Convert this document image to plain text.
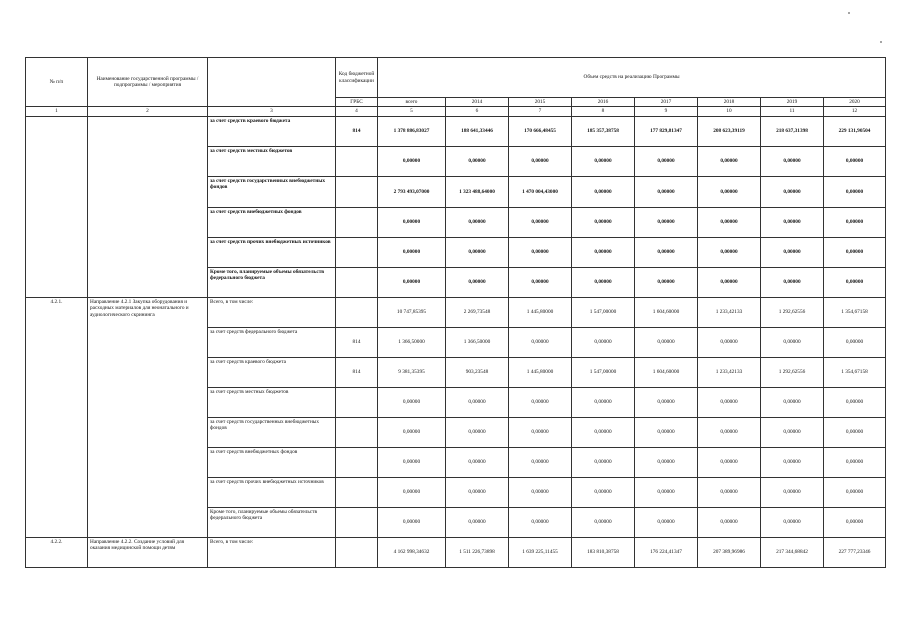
№ п/п	Наименование государственной программы / подпрограммы / мероприятия		Код бюджетной классификации	Объем средств на реализацию Программы							
			ГРБС	всего	2014	2015	2016	2017	2018	2019	2020
1	2	3	4	5	6	7	8	9	10	11	12
		за счет средств краевого бюджета	814	1 378 886,83027	188 641,33446	170 666,48455	185 357,38758	177 829,81347	208 623,39119	218 637,31398	229 131,90504
		за счет средств местных бюджетов		0,00000	0,00000	0,00000	0,00000	0,00000	0,00000	0,00000	0,00000
		за счет средств государственных внебюджетных фондов		2 793 493,07000	1 323 488,64000	1 470 004,43000	0,00000	0,00000	0,00000	0,00000	0,00000
		за счет средств внебюджетных фондов		0,00000	0,00000	0,00000	0,00000	0,00000	0,00000	0,00000	0,00000
		за счет средств прочих внебюджетных источников		0,00000	0,00000	0,00000	0,00000	0,00000	0,00000	0,00000	0,00000
		Кроме того, планируемые объемы обязательств федерального бюджета		0,00000	0,00000	0,00000	0,00000	0,00000	0,00000	0,00000	0,00000
4.2.1.	Направление 4.2.1 Закупка оборудования и расходных материалов для неонатального и аудиологического скрининга	Всего, в том числе:		10 747,85395	2 269,73548	1 445,80000	1 547,00000	1 604,60000	1 233,42133	1 292,62556	1 354,67158
		за счет средств федерального бюджета	814	1 366,50000	1 366,50000	0,00000	0,00000	0,00000	0,00000	0,00000	0,00000
		за счет средств краевого бюджета	814	9 381,35395	903,23548	1 445,80000	1 547,00000	1 604,60000	1 233,42133	1 292,62556	1 354,67158
		за счет средств местных бюджетов		0,00000	0,00000	0,00000	0,00000	0,00000	0,00000	0,00000	0,00000
		за счет средств государственных внебюджетных фондов		0,00000	0,00000	0,00000	0,00000	0,00000	0,00000	0,00000	0,00000
		за счет средств внебюджетных фондов		0,00000	0,00000	0,00000	0,00000	0,00000	0,00000	0,00000	0,00000
		за счет средств прочих внебюджетных источников		0,00000	0,00000	0,00000	0,00000	0,00000	0,00000	0,00000	0,00000
		Кроме того, планируемые объемы обязательств федерального бюджета		0,00000	0,00000	0,00000	0,00000	0,00000	0,00000	0,00000	0,00000
4.2.2.	Направление 4.2.2. Создание условий для оказания медицинской помощи детям	Всего, в том числе:		4 162 998,34632	1 511 226,73898	1 639 225,11455	183 810,38758	176 224,41347	207 389,96986	217 344,68842	227 777,23346
